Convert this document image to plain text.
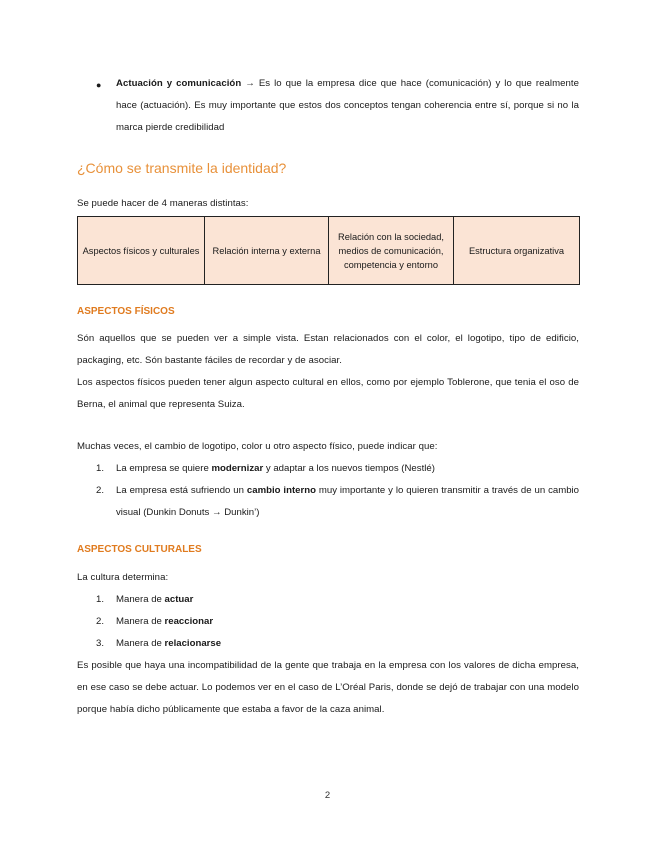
● Actuación y comunicación → Es lo que la empresa dice que hace (comunicación) y lo que realmente hace (actuación). Es muy importante que estos dos conceptos tengan coherencia entre sí, porque si no la marca pierde credibilidad

¿Cómo se transmite la identidad?

Se puede hacer de 4 maneras distintas:

Aspectos físicos y culturales	Relación interna y externa	Relación con la sociedad, medios de comunicación, competencia y entorno	Estructura organizativa
ASPECTOS FÍSICOS

Són aquellos que se pueden ver a simple vista. Estan relacionados con el color, el logotipo, tipo de edificio, packaging, etc. Són bastante fáciles de recordar y de asociar.

Los aspectos físicos pueden tener algun aspecto cultural en ellos, como por ejemplo Toblerone, que tenia el oso de Berna, el animal que representa Suiza.

Muchas veces, el cambio de logotipo, color u otro aspecto físico, puede indicar que:

1. La empresa se quiere modernizar y adaptar a los nuevos tiempos (Nestlé)
2. La empresa está sufriendo un cambio interno muy importante y lo quieren transmitir a través de un cambio visual (Dunkin Donuts → Dunkin’)
ASPECTOS CULTURALES

La cultura determina:

1. Manera de actuar
2. Manera de reaccionar
3. Manera de relacionarse

Es posible que haya una incompatibilidad de la gente que trabaja en la empresa con los valores de dicha empresa, en ese caso se debe actuar. Lo podemos ver en el caso de L’Oréal Paris, donde se dejó de trabajar con una modelo porque había dicho públicamente que estaba a favor de la caza animal.

2
